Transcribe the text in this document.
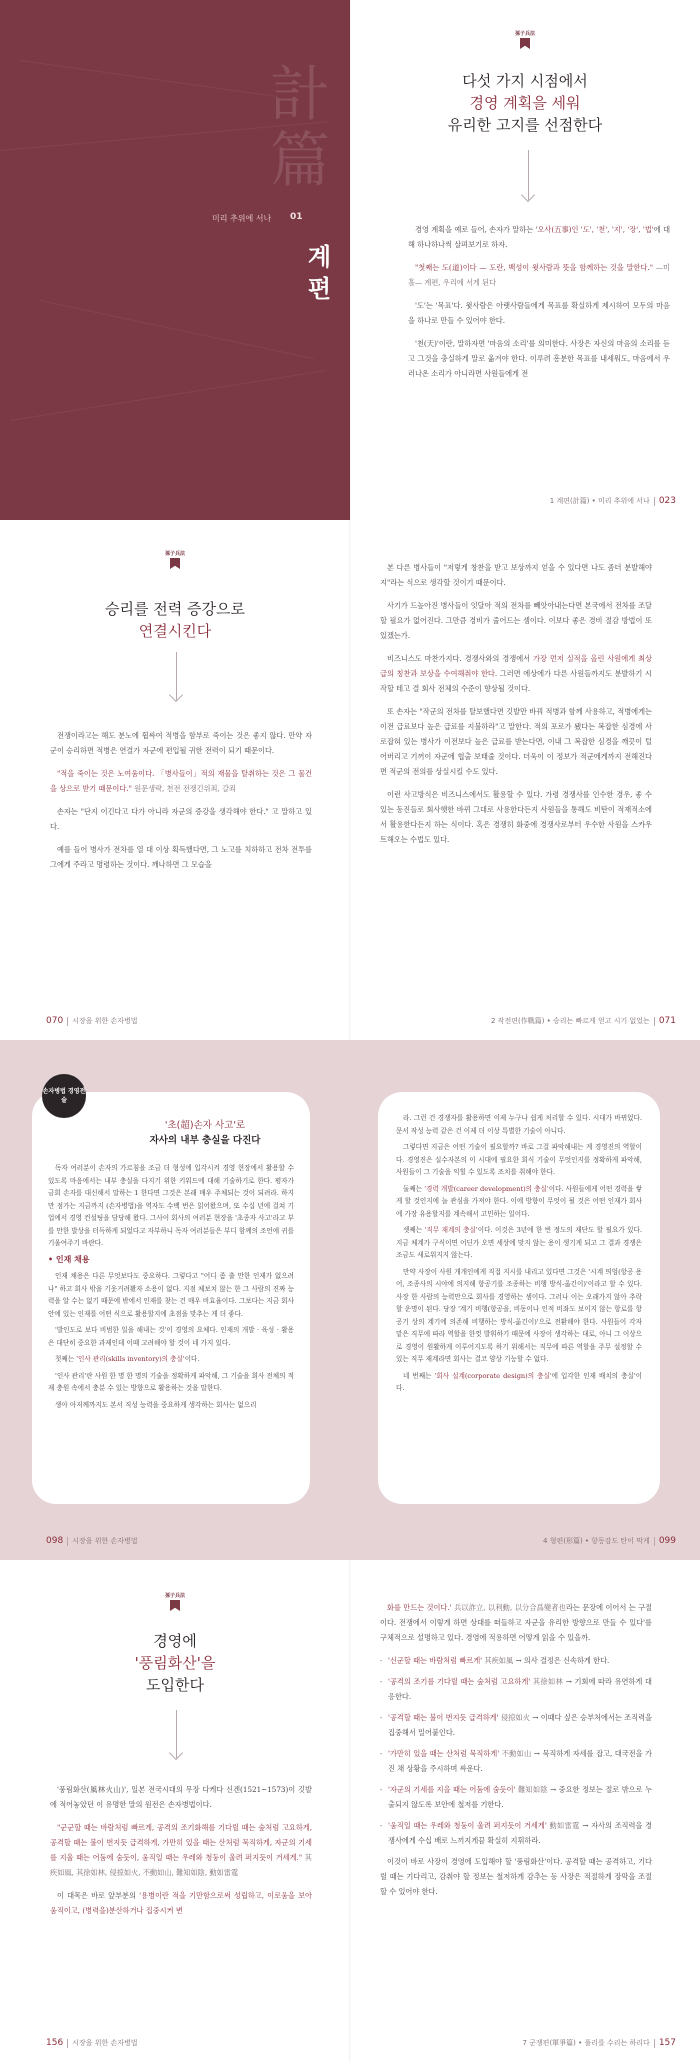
計篇
미리 추위에 서나 01
계편
孫子兵法
다섯 가지 시점에서
경영 계획을 세워
유리한 고지를 선점한다

경영 계획을 예로 들어, 손자가 말하는 '오사(五事)인 '도', '천', '지', '장', '법'에 대해 하나하나씩 살펴보기로 하자.

"첫째는 도(道)이다 — 도란, 백성이 윗사람과 뜻을 함께하는 것을 말한다." —미홀— 계편, 우리에 서게 된다

'도'는 '목표'다. 윗사람은 아랫사람들에게 목표를 확실하게 제시하여 모두의 마음을 하나로 만들 수 있어야 한다.

'천(天)'이란, 말하자면 '마음의 소리'를 의미한다. 사장은 자신의 마음의 소리를 듣고 그것을 충실하게 말로 옮겨야 한다. 이루려 흥분한 목표를 내세워도, 마음에서 우러나온 소리가 아니라면 사원들에게 전

1 계편(計篇) • 미리 추위에 서나 023
孫子兵法
승리를 전력 증강으로
연결시킨다

전쟁이라고는 해도 분노에 휩싸여 적병을 함부로 죽이는 것은 좋지 않다. 만약 자군이 승리하면 적병은 연결가 자군에 편입될 귀한 전력이 되기 때문이다.

"적을 죽이는 것은 노여움이다. 「병사들이」적의 재물을 탈취하는 것은 그 물건을 상으로 받기 때문이다." 원문생략, 천전 전쟁긴위죄, 갈죄

손자는 "단지 이긴다고 다가 아니라 자군의 증강을 생각해야 한다." 고 말하고 있다.

예를 들어 병사가 전차를 열 대 이상 획득했다면, 그 노고를 치하하고 전차 전투를 그에게 주라고 명령하는 것이다. 깨나하면 그 모습을

070 시장을 위한 손자병법

본 다른 병사들이 "저렇게 창찬을 받고 보상까지 얻을 수 있다면 나도 좀더 분발해야지"라는 식으로 생각할 것이기 때문이다.

사기가 드높아진 병사들이 잇달아 적의 전차를 빼앗아내는다면 본국에서 전차를 조달할 필요가 없어진다. 그만큼 경비가 줄어드는 셈이다. 이보다 좋은 경비 절감 방법이 또 있겠는가.

비즈니스도 마찬가지다. 경쟁사와의 경쟁에서 가장 먼저 실적을 올린 사원에게 최상급의 칭찬과 보상을 수여해줘야 한다. 그러면 에상에가 다른 사원들까지도 분발하기 시작할 테고 결 회사 전체의 수준이 향상될 것이다.

또 손자는 "작군의 전차를 탈보했다면 깃발만 바꿔 적병과 함께 사용하고, 적병에게는 이전 급료보다 높은 급료를 지불하라"고 말한다. 적의 포로가 됐다는 복잡한 심경에 사로잡혀 있는 병사가 이전보다 높은 급료를 받는다면, 이내 그 복잡한 심경을 깨끗이 털어버리고 기꺼이 자군에 협출 보태줄 것이다. 더욱이 이 정보가 적군에게까지 전해진다면 적군의 전의를 상실시킬 수도 있다.

이런 사고방식은 비즈니스에서도 활용할 수 있다. 가령 경쟁사를 인수한 경우, 좋 수 있는 동진들로 회사햇한 바뀌 그대로 사용한다든지 사원들을 통해도 비탄이 적재적소에서 활용한다든지 하는 식이다. 혹은 경쟁히 화중에 경쟁사로부터 우수한 사원을 스카우트해오는 수법도 있다.

2 작전편(作戰篇) • 승리는 빠르게 얻고 시기 없었는 071
손자병법 경영전술
'초(超)손자 사고'로
자사의 내부 충실을 다진다

독자 여러분이 손자의 가르침을 조금 더 형성에 입각시켜 경영 현장에서 활용할 수 있도록 마음에서는 내부 충실을 다지기 위한 키워드에 대해 기술하기로 한다. 평자가 금회 손자를 대신해서 말하는 1 한다면 그것은 본래 매우 주체되는 것이 되려라. 하지만 점가는 지금까지 (손자병법)을 역자도 수백 번은 읽어왔으며, 또 수십 년에 걸쳐 기업에서 경영 컨설팅을 담당해 왔다. 그사이 회사의 여러분 현장을 '초종자 사고'라고 부를 만한 발상을 터득하게 되었다고 자부하니 독자 여러분들은 부디 함께의 조언에 귀를 기울여주기 바란다.

• 인재 채용

인재 채용은 다른 무엇보다도 중요하다. 그렇다고 "어디 좀 출 만한 인재가 없으려나" 하고 회사 밖을 기웃거려봤자 소용이 없다. 지점 체보치 않는 한 그 사람의 진짜 능력을 알 수는 없기 때문에 밖에서 인재를 찾는 건 매우 비효율이다. 그보다는 지금 회사 안에 있는 인재를 어떤 식으로 활용할지에 초점을 맞추는 게 더 좋다.

'발인도로 보다 비범한 일을 해내는 것'이 경영의 요체다. 인재의 개발 · 육성 · 활용은 대단히 중요한 과제인데 이때 고려해야 할 것이 네 가지 있다.

첫째는 '인사 관리(skills inventory)의 충실'이다.

'인사 관리'란 사원 한 명 한 명의 기술을 정확하게 파악해, 그 기술을 회사 전체의 적재 충원 속에서 충분 수 있는 방향으로 활용하는 것을 말한다.

생아 아저께까지도 본서 직성 능력을 중요하게 생각하는 회사는 없으리

098 시장을 위한 손자병법

라. 그런 건 경쟁자를 활용하면 이제 누구나 쉽게 처리할 수 있다. 시대가 바뀌었다. 문서 작성 능력 같은 건 이제 더 이상 특별한 기술이 아니다.

그렇다면 지금은 어떤 기술이 필요할까? 바로 그걸 파악해내는 게 경영진의 역할이다. 경영진은 실수자본의 이 시대에 필요한 회식 기술이 무엇인지를 정확하게 파악해, 사원들이 그 기술을 익힐 수 있도록 조치를 취해야 한다.

둘째는 '경력 개발(career development)의 충실'이다. 사원들에게 어떤 경력을 쌓게 할 것인지에 늘 관심을 가져야 한다. 이에 방향이 무엇이 될 것은 어떤 인재가 회사에 가장 유용할지를 계속해서 고민하는 일이다.

셋째는 '직무 재계의 충실'이다. 이것은 3년에 한 번 정도의 재단도 할 필요가 있다. 지금 체계가 구식이면 어딘가 오면 세상에 맞지 않는 용이 생기게 되고 그 결과 경쟁은 조금도 새로워지지 않는다.

만약 사장이 사원 개개인에게 직접 지시를 내리고 있다면 그것은 '시계 띄엄(항공 용어, 조종사의 시야에 의지해 항공기를 조종하는 비행 방식-옮긴이)'이라고 할 수 있다. 사장 한 사람의 능력만으로 회사를 경영하는 셈이다. 그러나 이는 오래가지 않아 추락할 운명이 된다. 당장 '계기 비행(항공을, 비동이나 인적 비좌도 보이지 않는 항로를 항공기 상의 계기에 의존해 비행하는 방식-옮긴이)'으로 전환해야 한다. 사원들이 각자 맡은 직무에 따라 역할을 한껏 발휘하기 때문에 사장이 생각하는 대로, 아니 그 이상으로 경영이 원활하게 이루어지도록 하기 위해서는 직무에 따른 역할을 주무 설정할 수 있는 직무 재계라면 회사는 결코 양상 기능할 수 없다.

네 번째는 '회사 설계(corporate design)의 충실'에 입각한 인재 배치의 충실'이다.

4 형편(形篇) • 항동감도 탄이 막게 099
孫子兵法
경영에
'풍림화산'을
도입한다

'풍림화산(風林火山)', 일본 전국시대의 무장 다케다 신겐(1521~1573)이 깃발에 적어놓았던 이 유명한 말의 원전은 손자병법이다.

"군군할 때는 바람처럼 빠르게, 공격의 조기화해를 기다릴 때는 숲처럼 고요하게, 공격할 때는 불이 번지듯 급격하게, 가만히 있을 때는 산처럼 묵직하게, 자군의 기세를 지울 때는 어둠에 숨듯이, 움직일 때는 우레와 청둥이 울려 퍼지듯이 거세게." 其疾如風, 其徐如林, 侵掠如火, 不動如山, 難知如陰, 動如雷霆

이 대목은 바로 앞부분의 '용병이란 적을 기만함으로써 성립하고, 이로움을 보아 움직이고, (병력을)분산하거나 집중시켜 변

156 시장을 위한 손자병법

화를 만드는 것이다.' 兵以詐立, 以利動, 以分合爲變者也라는 문장에 이어서 는 구절이다. 전쟁에서 이렇게 하면 상대를 떠들하고 자군을 유리한 방향으로 만들 수 있다'를 구체적으로 설명하고 있다. 경영에 적용하면 어떻게 읽을 수 있을까.

- '신군할 때는 바람처럼 빠르게' 其疾如風 → 의사 결정은 신속하게 한다.
- '공격의 조기를 기다릴 때는 숲처럼 고요하게' 其徐如林 → 기회에 따라 유연하게 대응한다.
- '공격할 때는 불이 번지듯 급격하게' 侵掠如火 → 이때다 싶은 승부처에서는 조직력을 집중해서 밀어붙인다.
- '가만히 있을 때는 산처럼 묵직하게' 不動如山 → 묵직하게 자세를 잡고, 대국전을 가진 채 상황을 주시하며 싸운다.
- '자군의 기세를 지을 때는 어둠에 숨듯이' 難知如陰 → 중요한 정보는 절로 밖으로 누출되지 않도록 보안에 철저를 기한다.
- '움직일 때는 우레와 청둥이 울려 퍼지듯이 거세게' 動如雷霆 → 자사의 조직력을 경쟁사에게 수십 배로 느끼지게끔 확실히 지휘하라.

이것이 바로 사장이 경영에 도입해야 할 '풍림화산'이다. 공격할 때는 공격하고, 기다릴 때는 기다리고, 감춰야 할 정보는 철저하게 감추는 등 사장은 적절하게 장막을 조절할 수 있어야 한다.

7 군쟁편(軍爭篇) • 풀리를 수리는 하리다 157
